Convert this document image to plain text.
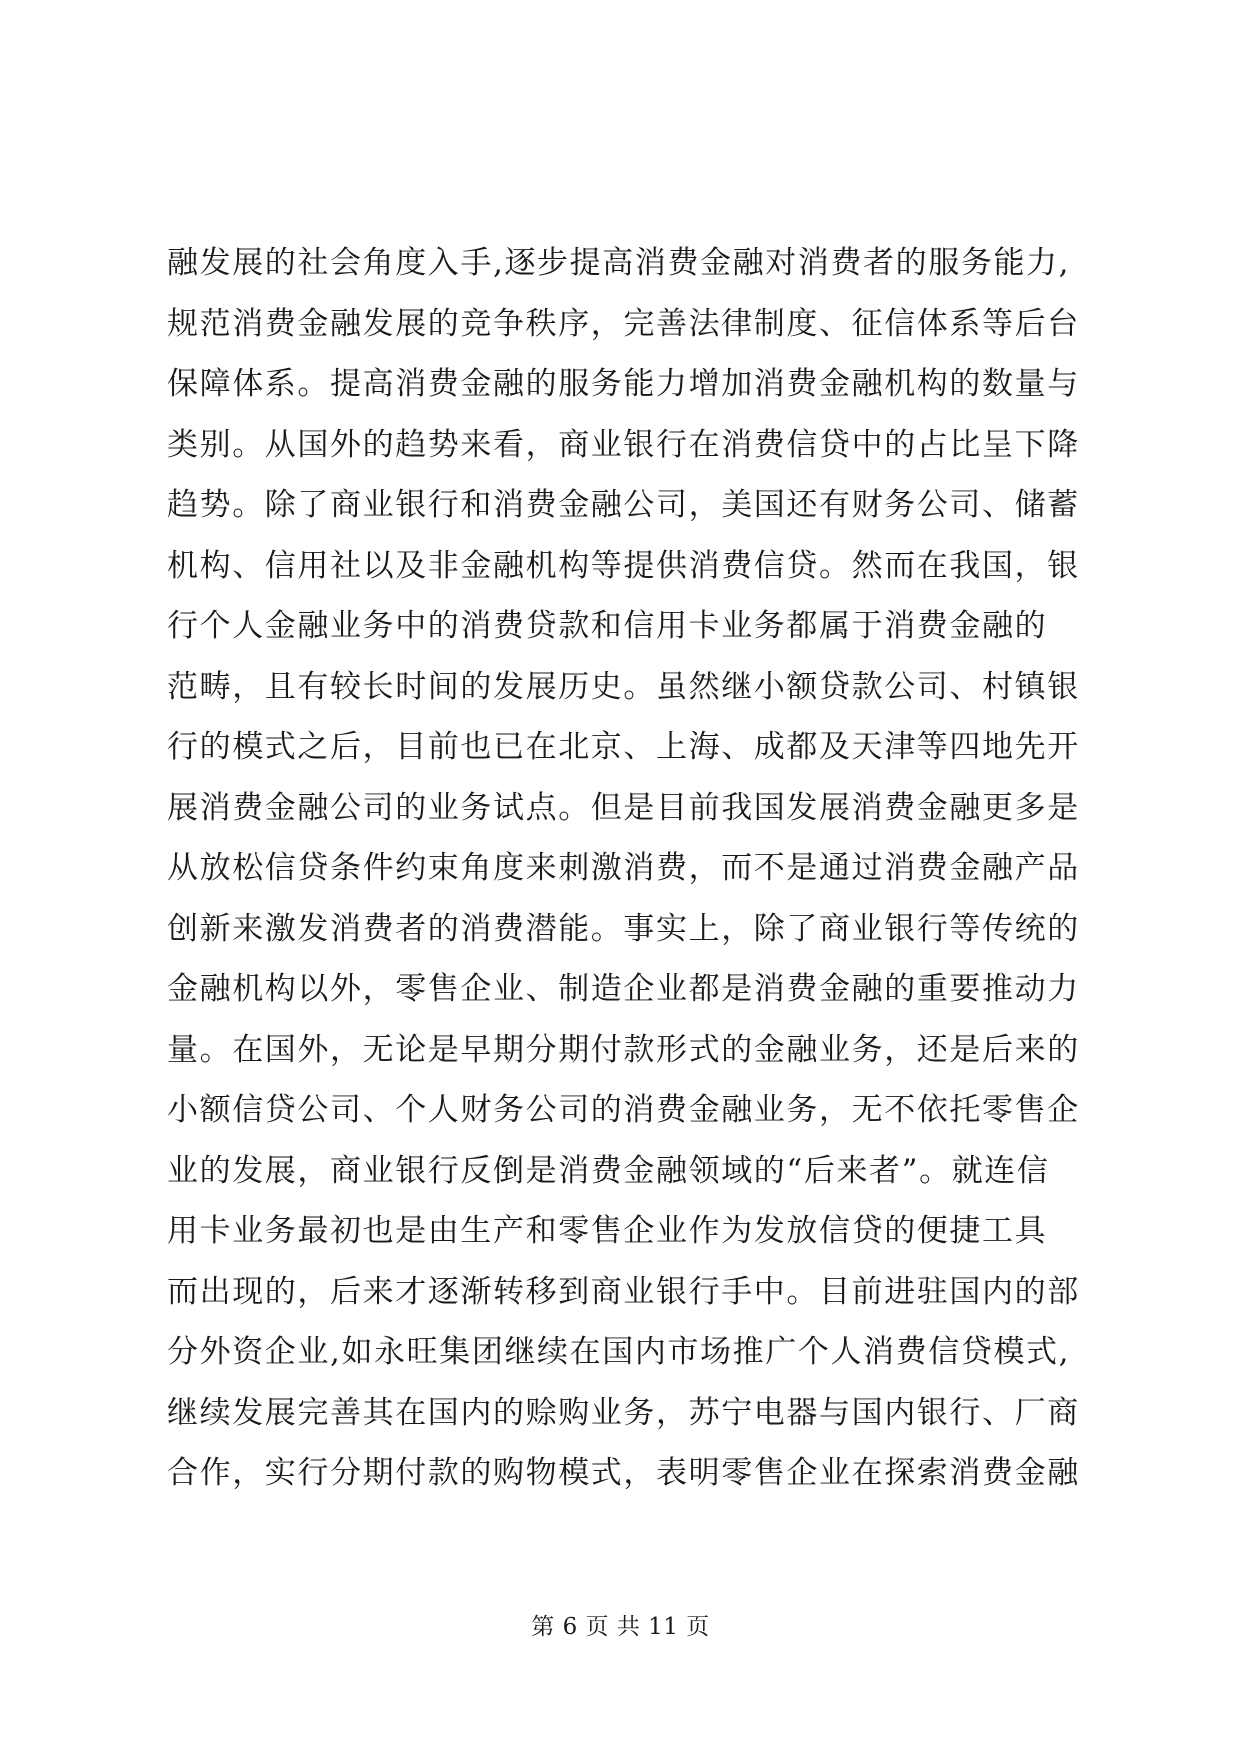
融发展的社会角度入手,逐步提高消费金融对消费者的服务能力,
规范消费金融发展的竞争秩序，完善法律制度、征信体系等后台
保障体系。提高消费金融的服务能力增加消费金融机构的数量与
类别。从国外的趋势来看，商业银行在消费信贷中的占比呈下降
趋势。除了商业银行和消费金融公司，美国还有财务公司、储蓄
机构、信用社以及非金融机构等提供消费信贷。然而在我国，银
行个人金融业务中的消费贷款和信用卡业务都属于消费金融的
范畴，且有较长时间的发展历史。虽然继小额贷款公司、村镇银
行的模式之后，目前也已在北京、上海、成都及天津等四地先开
展消费金融公司的业务试点。但是目前我国发展消费金融更多是
从放松信贷条件约束角度来刺激消费，而不是通过消费金融产品
创新来激发消费者的消费潜能。事实上，除了商业银行等传统的
金融机构以外，零售企业、制造企业都是消费金融的重要推动力
量。在国外，无论是早期分期付款形式的金融业务，还是后来的
小额信贷公司、个人财务公司的消费金融业务，无不依托零售企
业的发展，商业银行反倒是消费金融领域的“后来者”。就连信
用卡业务最初也是由生产和零售企业作为发放信贷的便捷工具
而出现的，后来才逐渐转移到商业银行手中。目前进驻国内的部
分外资企业,如永旺集团继续在国内市场推广个人消费信贷模式,
继续发展完善其在国内的赊购业务，苏宁电器与国内银行、厂商
合作，实行分期付款的购物模式，表明零售企业在探索消费金融
第 6 页 共 11 页
